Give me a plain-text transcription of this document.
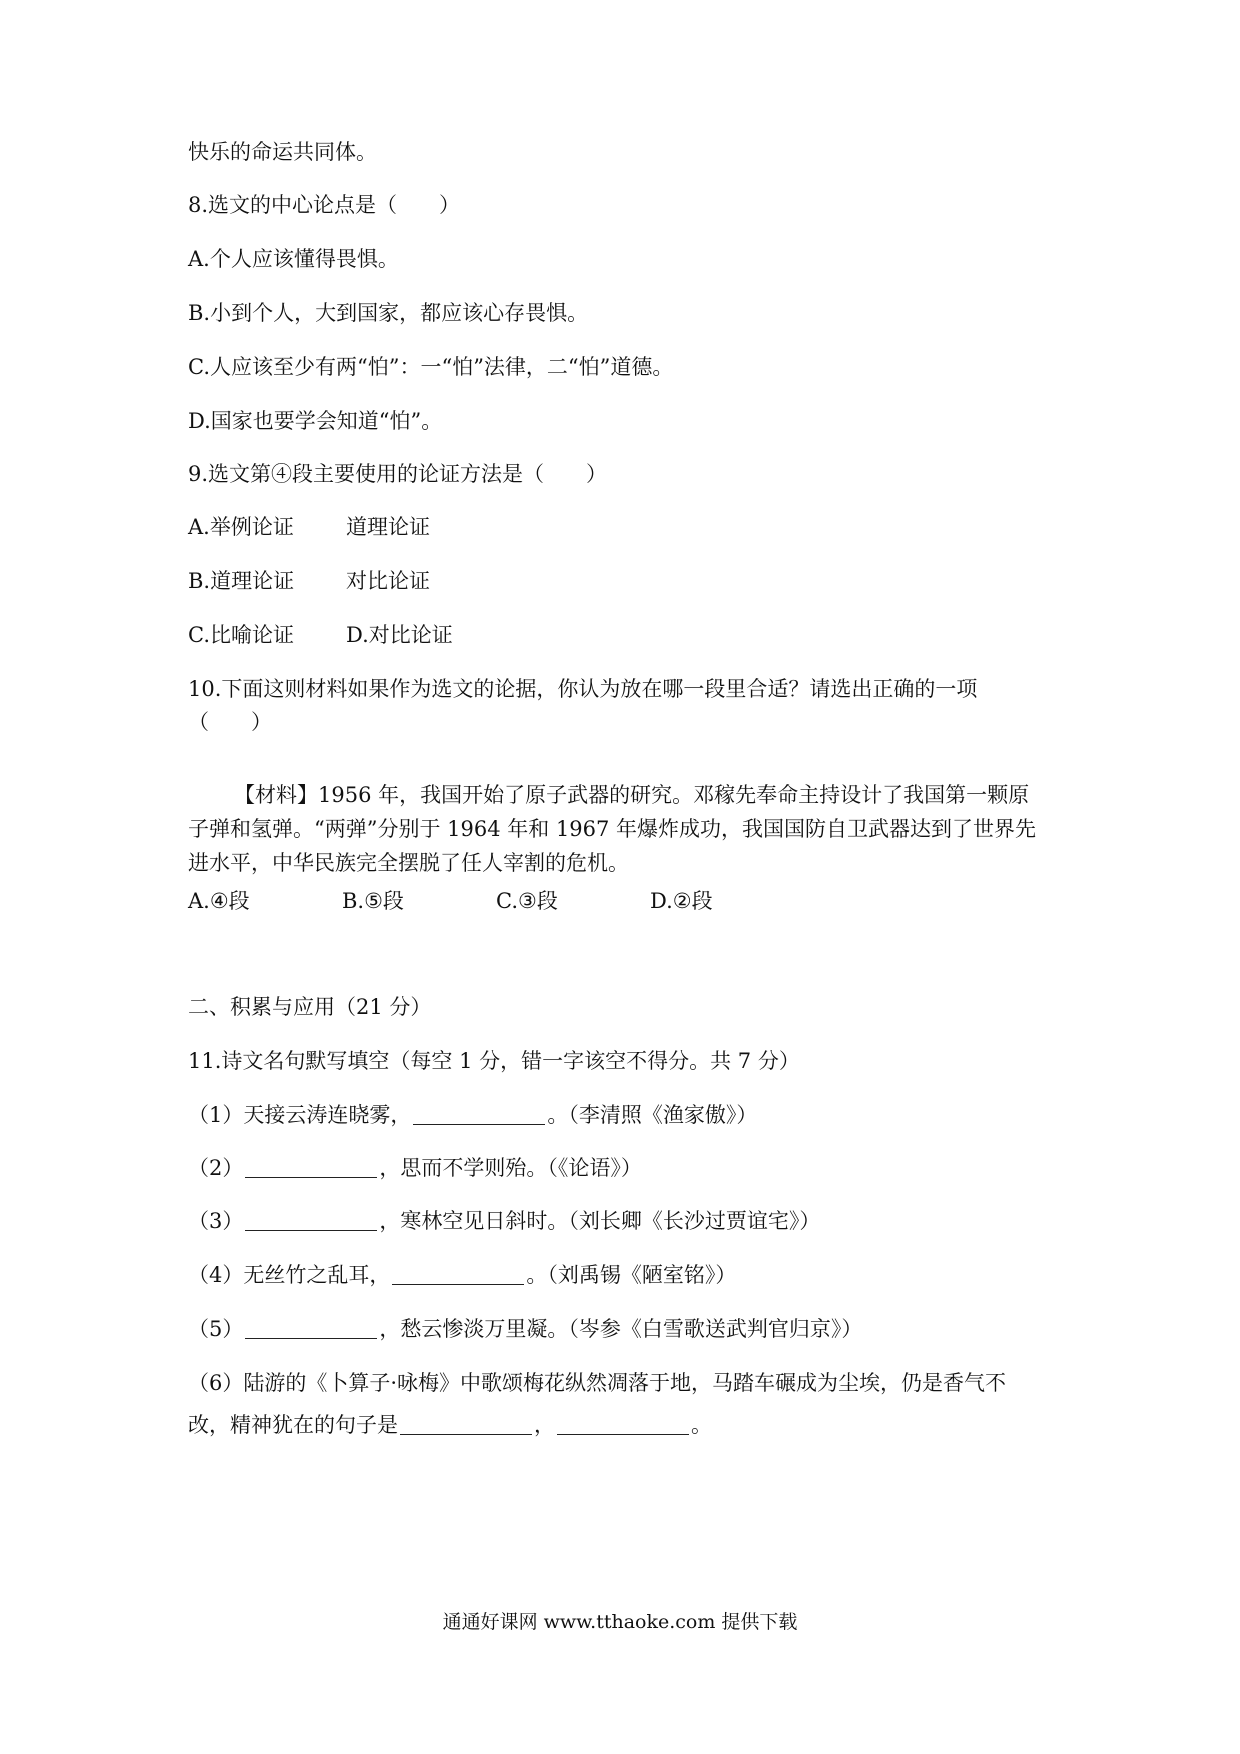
快乐的命运共同体。
8.选文的中心论点是（　　）
A.个人应该懂得畏惧。
B.小到个人，大到国家，都应该心存畏惧。
C.人应该至少有两“怕”：一“怕”法律，二“怕”道德。
D.国家也要学会知道“怕”。
9.选文第④段主要使用的论证方法是（　　）
A.举例论证 道理论证
B.道理论证 对比论证
C.比喻论证 D.对比论证
10.下面这则材料如果作为选文的论据，你认为放在哪一段里合适？请选出正确的一项
（　　）
【材料】1956 年，我国开始了原子武器的研究。邓稼先奉命主持设计了我国第一颗原
子弹和氢弹。“两弹”分别于 1964 年和 1967 年爆炸成功，我国国防自卫武器达到了世界先
进水平，中华民族完全摆脱了任人宰割的危机。
A.④段	B.⑤段	C.③段	D.②段
二、积累与应用（21 分）
11.诗文名句默写填空（每空 1 分，错一字该空不得分。共 7 分）
（1）天接云涛连晓雾，	。（李清照《渔家傲》）
（2）	，思而不学则殆。（《论语》）
（3）	，寒林空见日斜时。（刘长卿《长沙过贾谊宅》）
（4）无丝竹之乱耳，	。（刘禹锡《陋室铭》）
（5）	，愁云惨淡万里凝。（岑参《白雪歌送武判官归京》）
（6）陆游的《卜算子·咏梅》中歌颂梅花纵然凋落于地，马踏车碾成为尘埃，仍是香气不
改，精神犹在的句子是	，	。
通通好课网 www.tthaoke.com 提供下载
